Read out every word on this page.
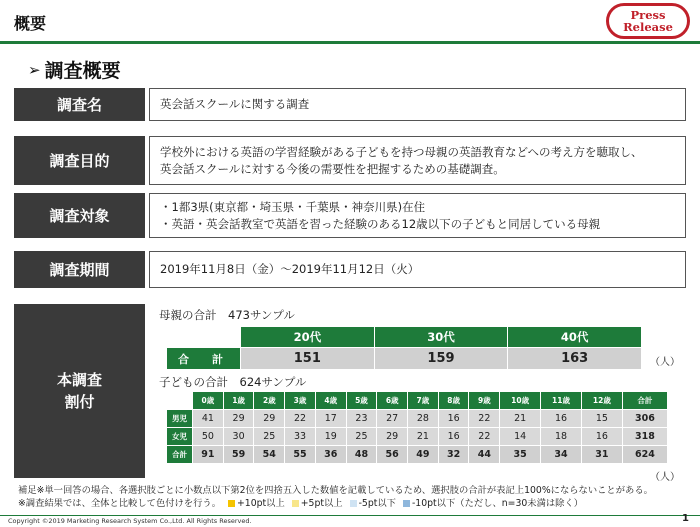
概要	Press
Release
➢ 調査概要
調査名	英会話スクールに関する調査
調査目的
学校外における英語の学習経験がある子どもを持つ母親の英語教育などへの考え方を聴取し、
英会話スクールに対する今後の需要性を把握するための基礎調査。
調査対象
・1都3県(東京都・埼玉県・千葉県・神奈川県)在住
・英語・英会話教室で英語を習った経験のある12歳以下の子どもと同居している母親
調査期間	2019年11月8日（金）～2019年11月12日（火）
本調査
割付
母親の合計　473サンプル
	20代	30代	40代
合　計	151	159	163	（人）
子どもの合計　624サンプル
	0歳	1歳	2歳	3歳	4歳	5歳	6歳	7歳	8歳	9歳	10歳	11歳	12歳	合計
男児	41	29	29	22	17	23	27	28	16	22	21	16	15	306
女児	50	30	25	33	19	25	29	21	16	22	14	18	16	318
合計	91	59	54	55	36	48	56	49	32	44	35	34	31	624
（人）
補足※単一回答の場合、各選択肢ごとに小数点以下第2位を四捨五入した数値を記載しているため、選択肢の合計が表記上100%にならないことがある。
※調査結果では、全体と比較して色付けを行う。 +10pt以上 +5pt以上 -5pt以下 -10pt以下（ただし、n=30未満は除く）
Copyright ©2019 Marketing Research System Co.,Ltd. All Rights Reserved.	1
